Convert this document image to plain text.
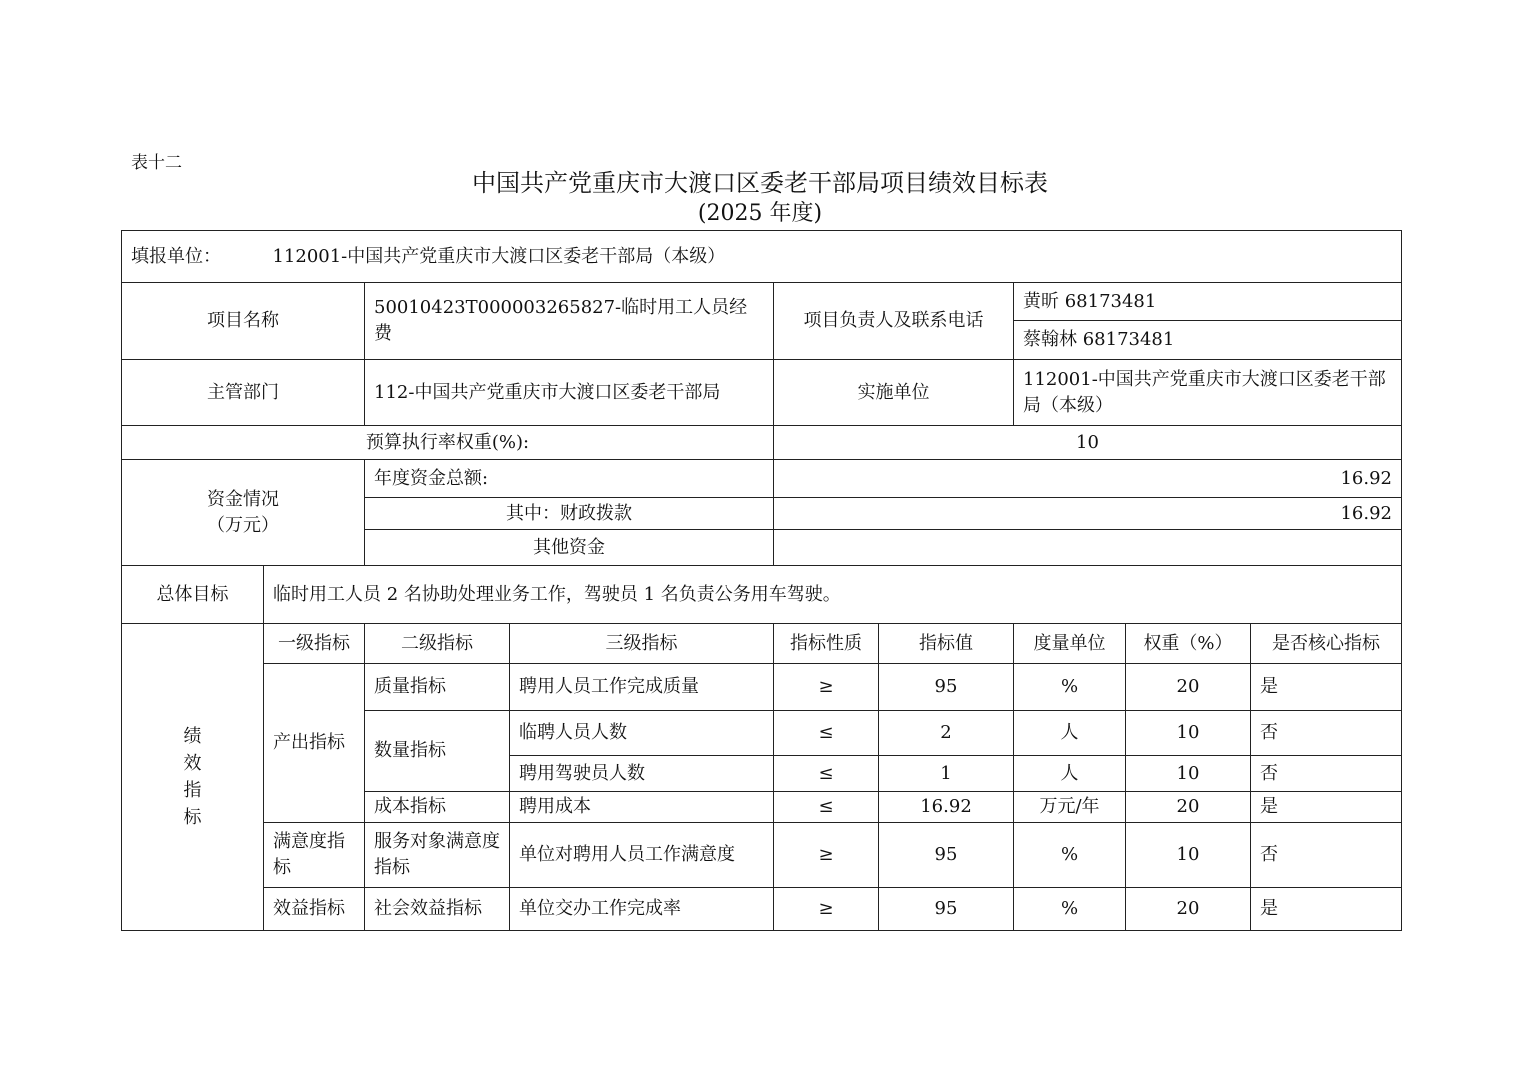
表十二
中国共产党重庆市大渡口区委老干部局项目绩效目标表
(2025 年度)
填报单位： 112001-中国共产党重庆市大渡口区委老干部局（本级）								
项目名称		50010423T000003265827-临时用工人员经费		项目负责人及联系电话		黄昕 68173481		
						蔡翰林 68173481		
主管部门		112-中国共产党重庆市大渡口区委老干部局		实施单位		112001-中国共产党重庆市大渡口区委老干部局（本级）		
预算执行率权重(%):				10				

资金情况
（万元）		年度资金总额:		16.92				
		其中：财政拨款		16.92				
		其他资金						
总体目标	临时用工人员 2 名协助处理业务工作，驾驶员 1 名负责公务用车驾驶。							

绩
效
指
标	一级指标	二级指标	三级指标	指标性质	指标值	度量单位	权重（%）	是否核心指标
	产出指标	质量指标	聘用人员工作完成质量	≥	95	%	20	是
		数量指标	临聘人员人数	≤	2	人	10	否
			聘用驾驶员人数	≤	1	人	10	否
		成本指标	聘用成本	≤	16.92	万元/年	20	是
	满意度指标	服务对象满意度指标	单位对聘用人员工作满意度	≥	95	%	10	否
	效益指标	社会效益指标	单位交办工作完成率	≥	95	%	20	是
